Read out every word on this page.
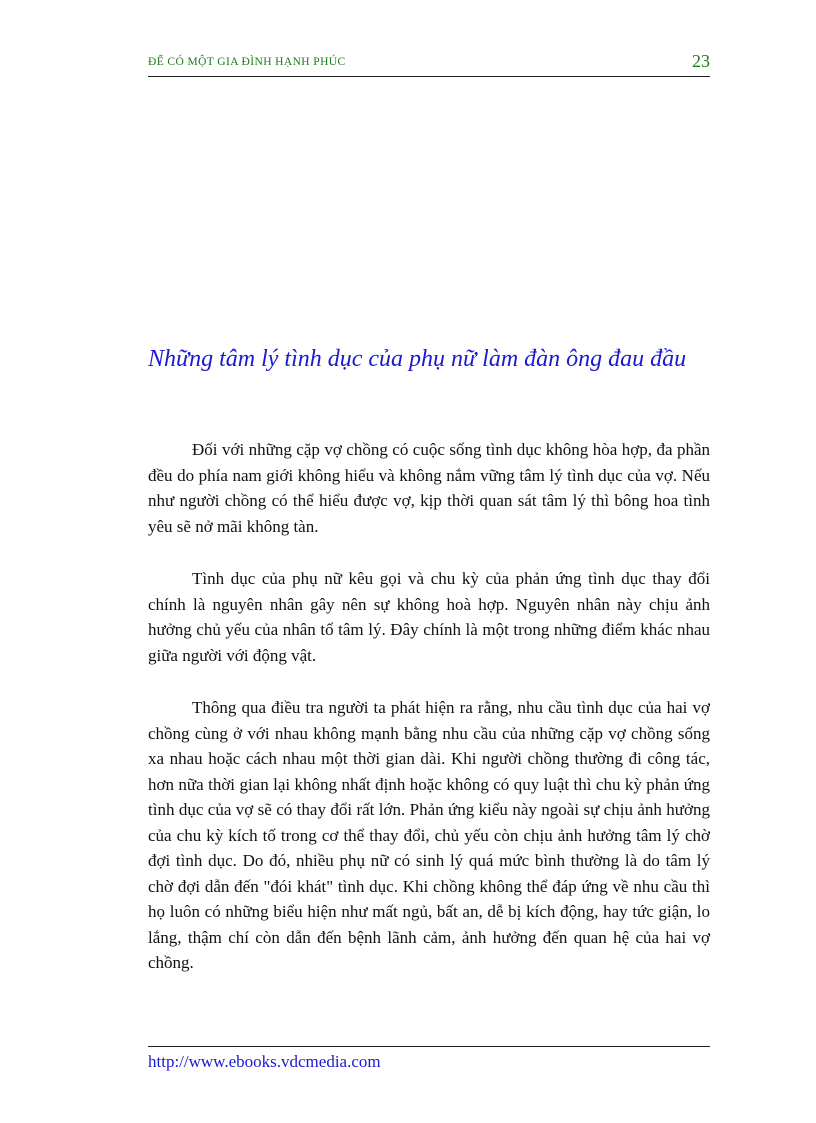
ĐỂ CÓ MỘT GIA ĐÌNH HẠNH PHÚC	23
Những tâm lý tình dục của phụ nữ làm đàn ông đau đầu

Đối với những cặp vợ chồng có cuộc sống tình dục không hòa hợp, đa phần đều do phía nam giới không hiểu và không nắm vững tâm lý tình dục của vợ. Nếu như người chồng có thể hiểu được vợ, kịp thời quan sát tâm lý thì bông hoa tình yêu sẽ nở mãi không tàn.

Tình dục của phụ nữ kêu gọi và chu kỳ của phản ứng tình dục thay đổi chính là nguyên nhân gây nên sự không hoà hợp. Nguyên nhân này chịu ảnh hưởng chủ yếu của nhân tố tâm lý. Đây chính là một trong những điểm khác nhau giữa người với động vật.

Thông qua điều tra người ta phát hiện ra rằng, nhu cầu tình dục của hai vợ chồng cùng ở với nhau không mạnh bằng nhu cầu của những cặp vợ chồng sống xa nhau hoặc cách nhau một thời gian dài. Khi người chồng thường đi công tác, hơn nữa thời gian lại không nhất định hoặc không có quy luật thì chu kỳ phản ứng tình dục của vợ sẽ có thay đổi rất lớn. Phản ứng kiểu này ngoài sự chịu ảnh hưởng của chu kỳ kích tố trong cơ thể thay đổi, chủ yếu còn chịu ảnh hưởng tâm lý chờ đợi tình dục. Do đó, nhiều phụ nữ có sinh lý quá mức bình thường là do tâm lý chờ đợi dẫn đến "đói khát" tình dục. Khi chồng không thể đáp ứng về nhu cầu thì họ luôn có những biểu hiện như mất ngủ, bất an, dễ bị kích động, hay tức giận, lo lắng, thậm chí còn dẫn đến bệnh lãnh cảm, ảnh hưởng đến quan hệ của hai vợ chồng.

http://www.ebooks.vdcmedia.com
